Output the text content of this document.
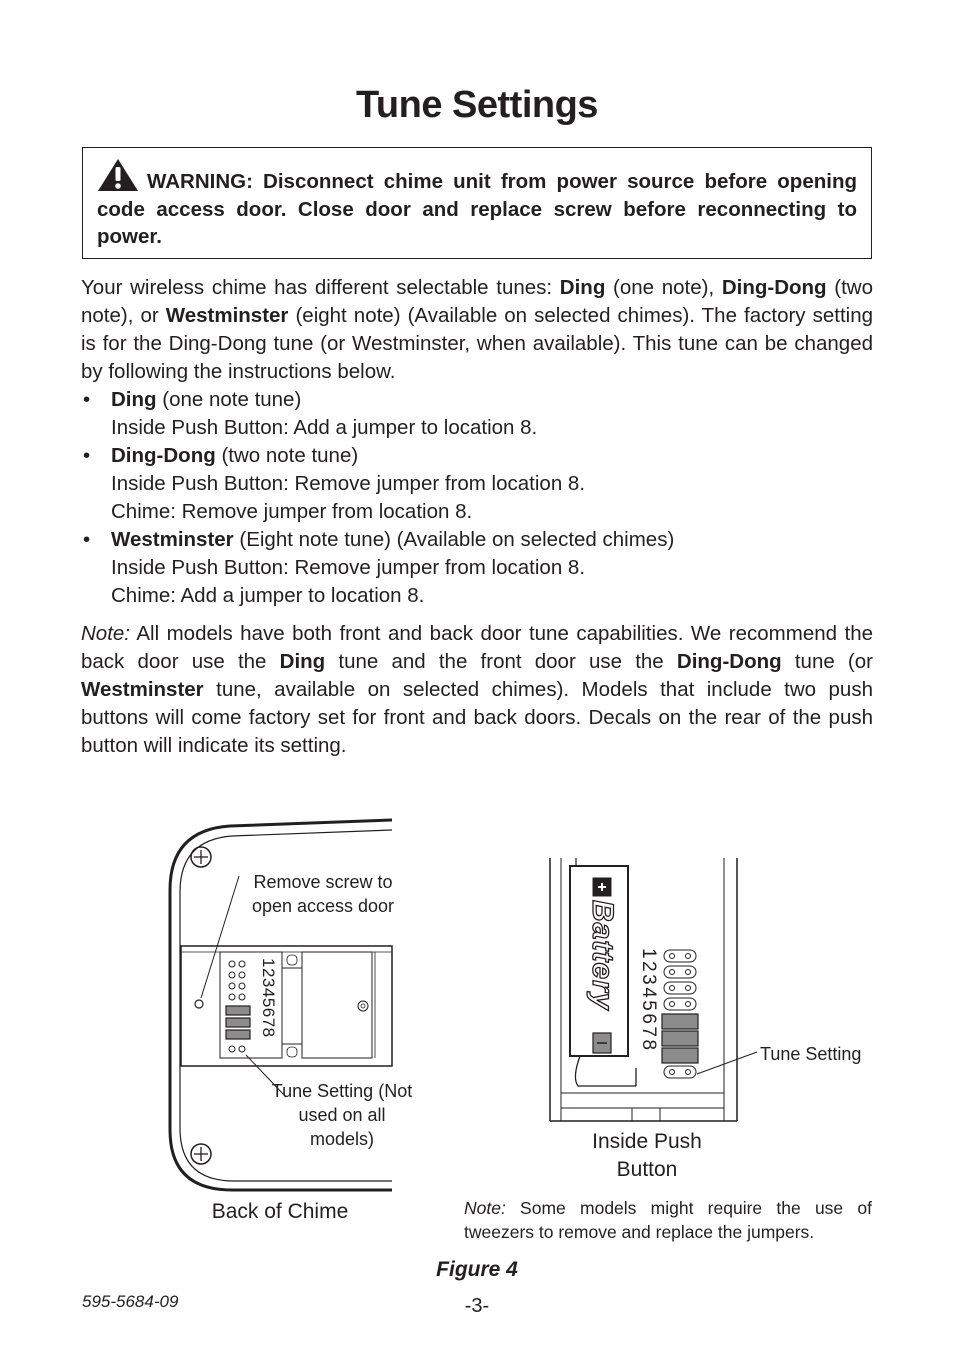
Tune Settings
WARNING: Disconnect chime unit from power source before opening code access door. Close door and replace screw before reconnecting to power.
Your wireless chime has different selectable tunes: Ding (one note), Ding-Dong (two note), or Westminster (eight note) (Available on selected chimes). The factory setting is for the Ding-Dong tune (or Westminster, when available). This tune can be changed by following the instructions below.
• Ding (one note tune)
Inside Push Button: Add a jumper to location 8.
• Ding-Dong (two note tune)
Inside Push Button: Remove jumper from location 8.
Chime: Remove jumper from location 8.
• Westminster (Eight note tune) (Available on selected chimes)
Inside Push Button: Remove jumper from location 8.
Chime: Add a jumper to location 8.
Note: All models have both front and back door tune capabilities. We recommend the back door use the Ding tune and the front door use the Ding-Dong tune (or Westminster tune, available on selected chimes). Models that include two push buttons will come factory set for front and back doors. Decals on the rear of the push button will indicate its setting.
12345678	Battery 12345678
Remove screw to open access door
Tune Setting (Not used on all models)
Back of Chime
Tune Setting
Inside Push Button
Note: Some models might require the use of tweezers to remove and replace the jumpers.
Figure 4
595-5684-09	-3-
